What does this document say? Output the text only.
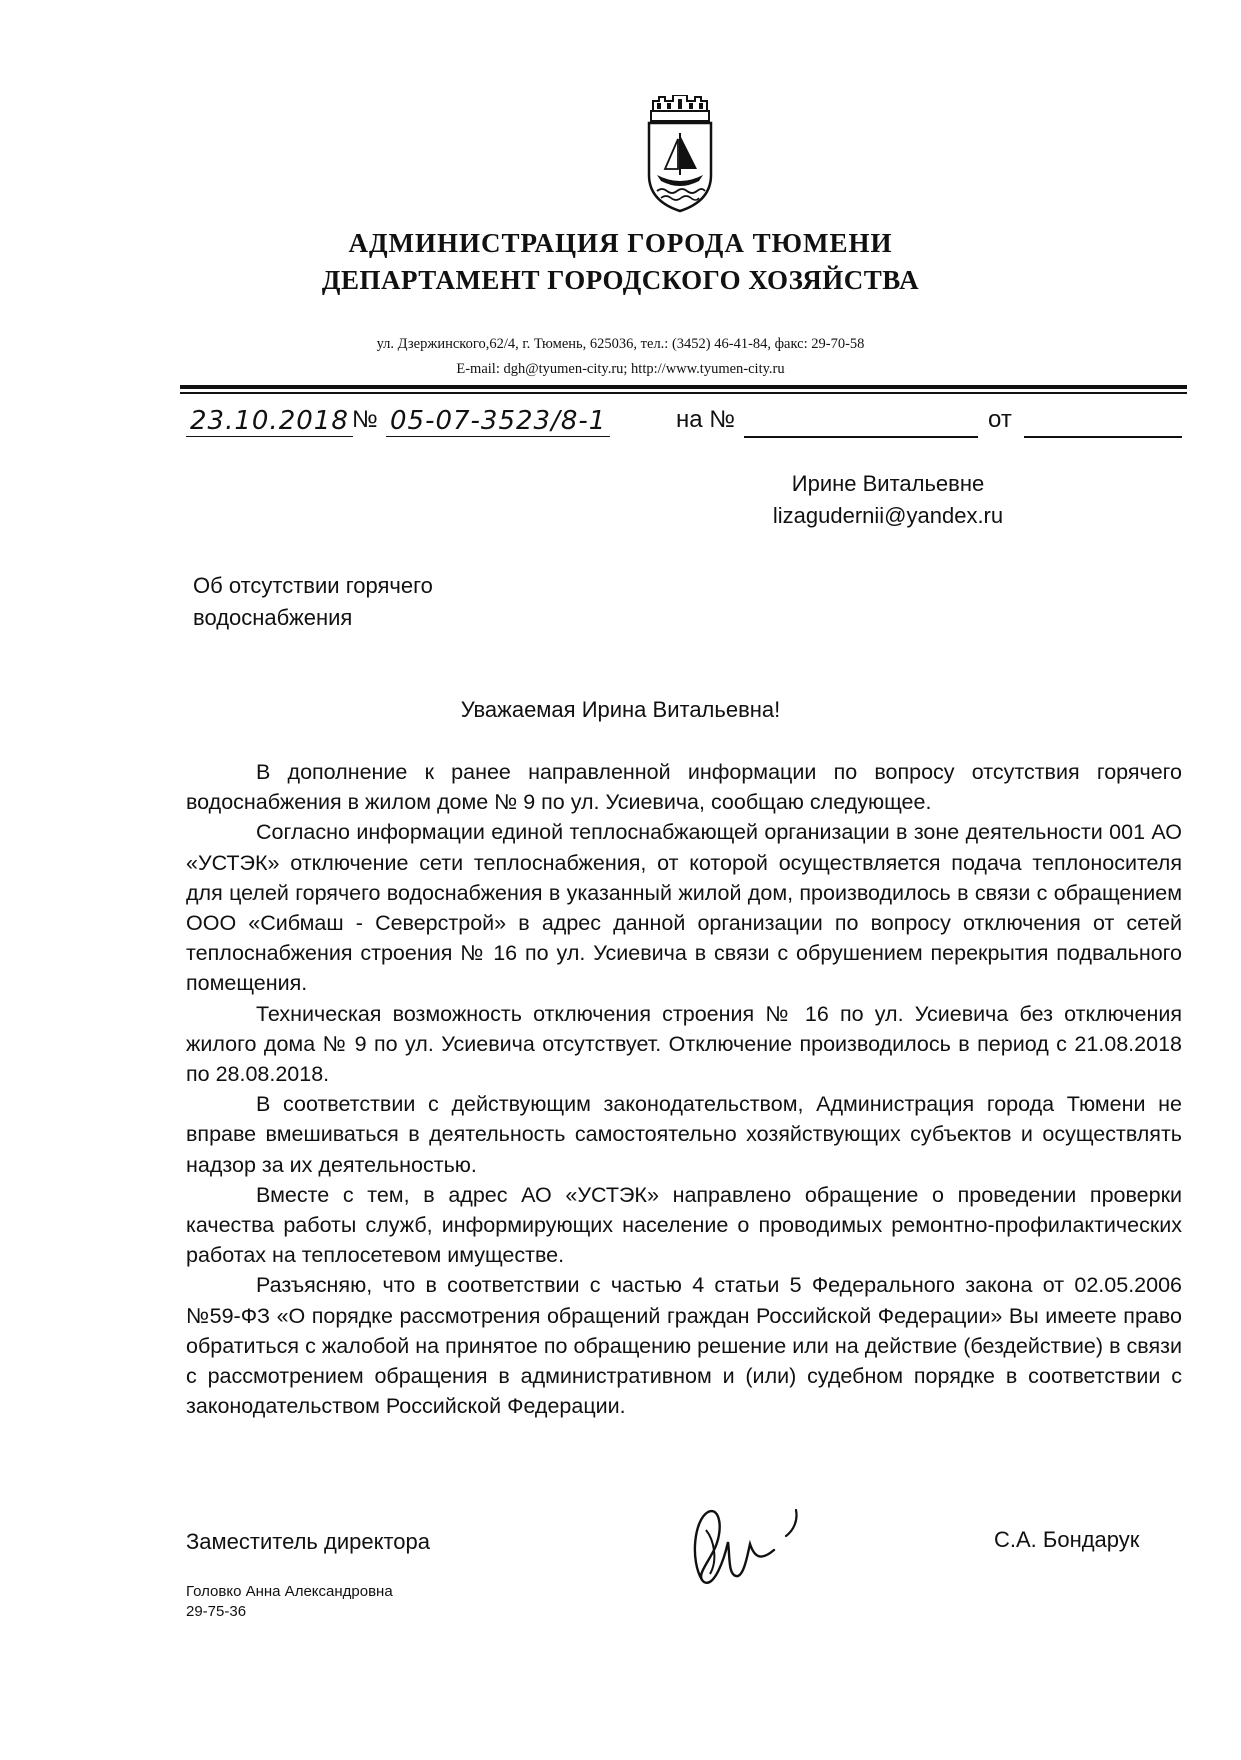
АДМИНИСТРАЦИЯ ГОРОДА ТЮМЕНИ
ДЕПАРТАМЕНТ ГОРОДСКОГО ХОЗЯЙСТВА
ул. Дзержинского,62/4, г. Тюмень, 625036, тел.: (3452) 46-41-84, факс: 29-70-58
E-mail: dgh@tyumen-city.ru; http://www.tyumen-city.ru
23.10.2018 № 05-07-3523/8-1	на №	от
Ирине Витальевне
lizagudernii@yandex.ru
Об отсутствии горячего водоснабжения
Уважаемая Ирина Витальевна!

В дополнение к ранее направленной информации по вопросу отсутствия горячего водоснабжения в жилом доме № 9 по ул. Усиевича, сообщаю следующее.

Согласно информации единой теплоснабжающей организации в зоне деятельности 001 АО «УСТЭК» отключение сети теплоснабжения, от которой осуществляется подача теплоносителя для целей горячего водоснабжения в указанный жилой дом, производилось в связи с обращением ООО «Сибмаш - Северстрой» в адрес данной организации по вопросу отключения от сетей теплоснабжения строения № 16 по ул. Усиевича в связи с обрушением перекрытия подвального помещения.

Техническая возможность отключения строения № 16 по ул. Усиевича без отключения жилого дома № 9 по ул. Усиевича отсутствует. Отключение производилось в период с 21.08.2018 по 28.08.2018.

В соответствии с действующим законодательством, Администрация города Тюмени не вправе вмешиваться в деятельность самостоятельно хозяйствующих субъектов и осуществлять надзор за их деятельностью.

Вместе с тем, в адрес АО «УСТЭК» направлено обращение о проведении проверки качества работы служб, информирующих население о проводимых ремонтно-профилактических работах на теплосетевом имуществе.

Разъясняю, что в соответствии с частью 4 статьи 5 Федерального закона от 02.05.2006 №59-ФЗ «О порядке рассмотрения обращений граждан Российской Федерации» Вы имеете право обратиться с жалобой на принятое по обращению решение или на действие (бездействие) в связи с рассмотрением обращения в административном и (или) судебном порядке в соответствии с законодательством Российской Федерации.

Заместитель директора	С.А. Бондарук
Головко Анна Александровна
29-75-36
